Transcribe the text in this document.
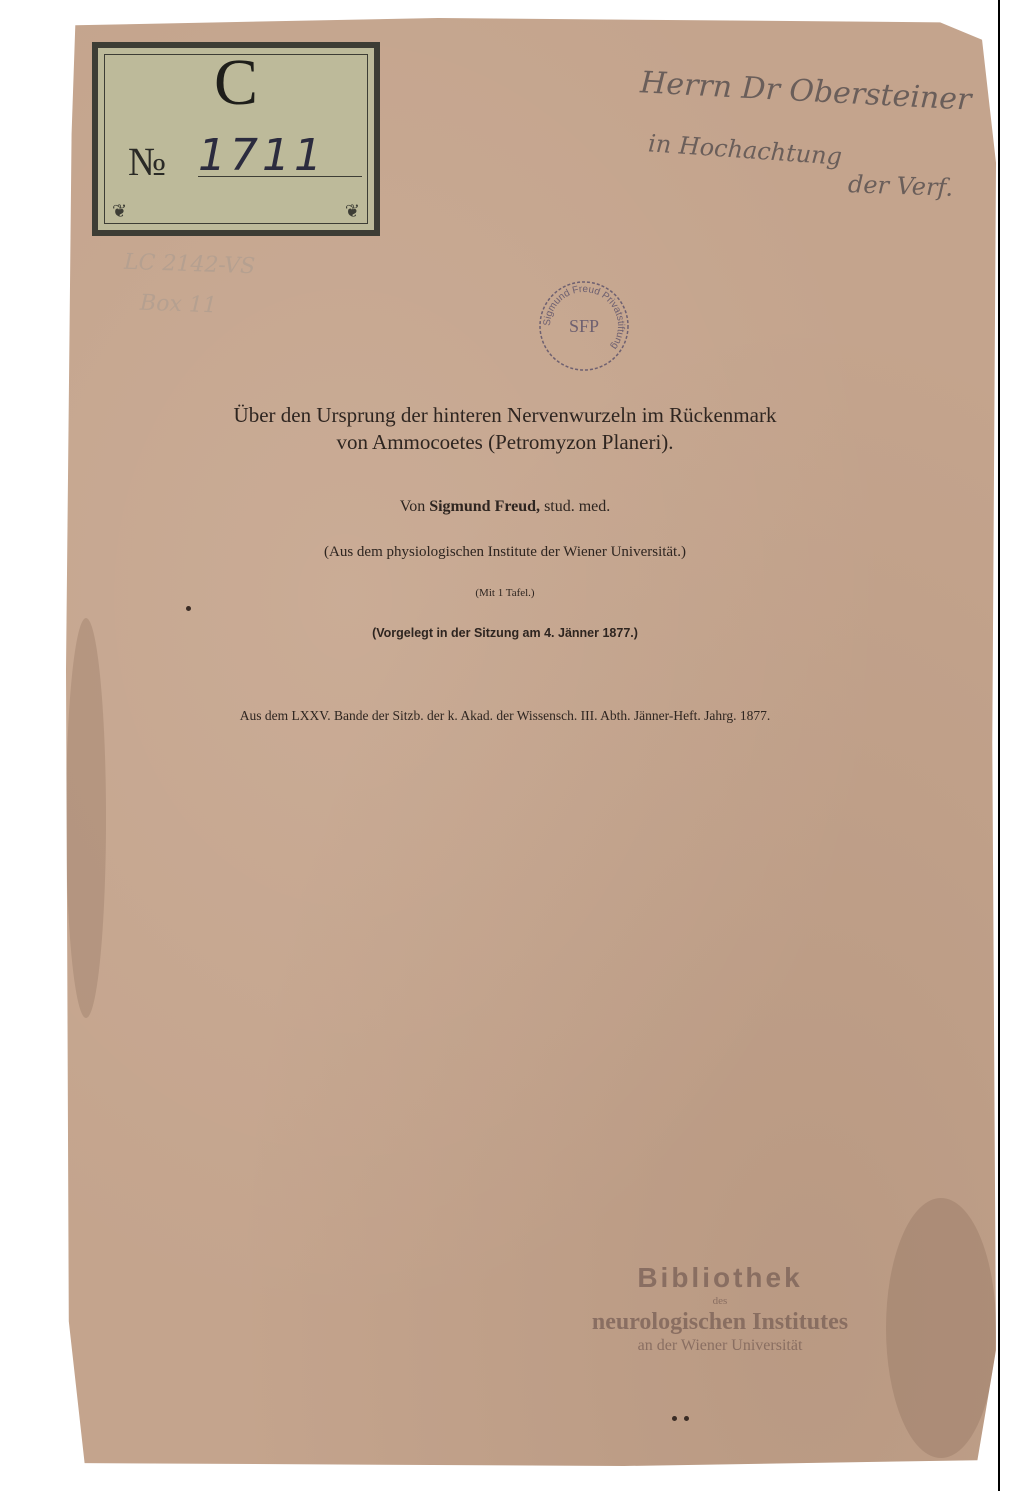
C
№ 1711
❦	❦
Herrn Dr Obersteiner
in Hochachtung
der Verf.
LC 2142-VS
Box 11
Sigmund Freud Privatstiftung
SFP
Über den Ursprung der hinteren Nervenwurzeln im Rückenmark
von Ammocoetes (Petromyzon Planeri).
Von Sigmund Freud, stud. med.
(Aus dem physiologischen Institute der Wiener Universität.)
(Mit 1 Tafel.)
(Vorgelegt in der Sitzung am 4. Jänner 1877.)
Aus dem LXXV. Bande der Sitzb. der k. Akad. der Wissensch. III. Abth. Jänner-Heft. Jahrg. 1877.
Bibliothek
des
neurologischen Institutes
an der Wiener Universität
